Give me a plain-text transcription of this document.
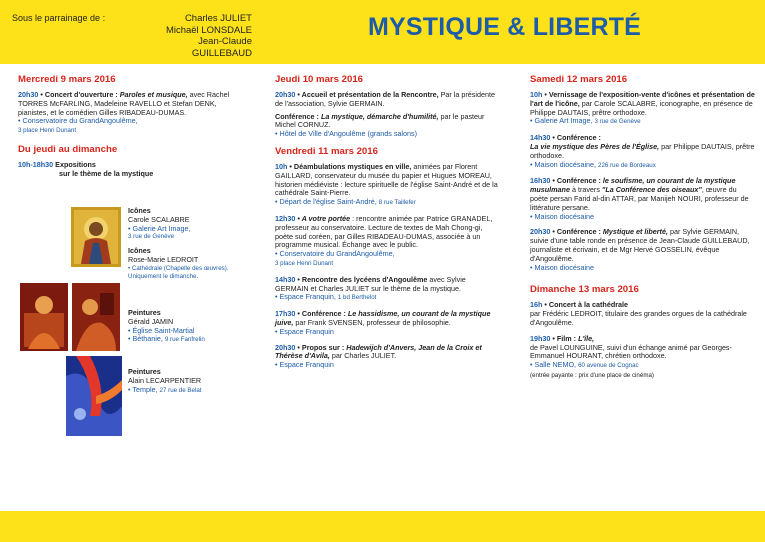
Sous le parrainage de :	Charles JULIET
Michaël LONSDALE
Jean-Claude GUILLEBAUD
MYSTIQUE & LIBERTÉ
Mercredi 9 mars 2016
20h30 • Concert d'ouverture : Paroles et musique, avec Rachel TORRES McFARLING, Madeleine RAVELLO et Stefan DENK, pianistes, et le comédien Gilles RIBADEAU-DUMAS.
• Conservatoire du GrandAngoulême,
3 place Henri Dunant
Du jeudi au dimanche
10h-18h30 Expositions
sur le thème de la mystique
Icônes
Carole SCALABRE
• Galerie Art Image,
3 rue de Genève
Icônes
Rose-Marie LEDROIT
• Cathédrale (Chapelle des œuvres). Uniquement le dimanche.
Peintures
Gérald JAMIN
• Église Saint-Martial
• Béthanie, 9 rue Fanfrelin
Peintures
Alain LECARPENTIER
• Temple, 27 rue de Belat
Jeudi 10 mars 2016
20h30 • Accueil et présentation de la Rencontre, Par la présidente de l'association, Sylvie GERMAIN.
Conférence : La mystique, démarche d'humilité, par le pasteur Michel CORNUZ.
• Hôtel de Ville d'Angoulême (grands salons)
Vendredi 11 mars 2016
10h • Déambulations mystiques en ville, animées par Florent GAILLARD, conservateur du musée du papier et Hugues MOREAU, historien médiéviste : lecture spirituelle de l'église Saint-André et de la cathédrale Saint-Pierre.
• Départ de l'église Saint-André, 8 rue Taillefer
12h30 • A votre portée : rencontre animée par Patrice GRANADEL, professeur au conservatoire. Lecture de textes de Mah Chong-gi, poète sud coréen, par Gilles RIBADEAU-DUMAS, associée à un programme musical. Échange avec le public.
• Conservatoire du GrandAngoulême,
3 place Henri Dunant
14h30 • Rencontre des lycéens d'Angoulême avec Sylvie GERMAIN et Charles JULIET sur le thème de la mystique.
• Espace Franquin, 1 bd Berthelot
17h30 • Conférence : Le hassidisme, un courant de la mystique juive, par Frank SVENSEN, professeur de philosophie.
• Espace Franquin
20h30 • Propos sur : Hadewijch d'Anvers, Jean de la Croix et Thérèse d'Avila, par Charles JULIET.
• Espace Franquin
Samedi 12 mars 2016
10h • Vernissage de l'exposition-vente d'icônes et présentation de l'art de l'icône, par Carole SCALABRE, iconographe, en présence de Philippe DAUTAIS, prêtre orthodoxe.
• Galerie Art Image, 3 rue de Genève
14h30 • Conférence :
La vie mystique des Pères de l'Église, par Philippe DAUTAIS, prêtre orthodoxe.
• Maison diocésaine, 226 rue de Bordeaux
16h30 • Conférence : le soufisme, un courant de la mystique musulmane à travers "La Conférence des oiseaux", œuvre du poète persan Farid al-din ATTAR, par Manijeh NOURI, professeur de littérature persane.
• Maison diocésaine
20h30 • Conférence : Mystique et liberté, par Sylvie GERMAIN, suivie d'une table ronde en présence de Jean-Claude GUILLEBAUD, journaliste et écrivain, et de Mgr Hervé GOSSELIN, évêque d'Angoulême.
• Maison diocésaine
Dimanche 13 mars 2016
16h • Concert à la cathédrale
par Frédéric LEDROIT, titulaire des grandes orgues de la cathédrale d'Angoulême.
19h30 • Film : L'île,
de Pavel LOUNGUINE, suivi d'un échange animé par Georges-Emmanuel HOURANT, chrétien orthodoxe.
• Salle NEMO, 60 avenue de Cognac
(entrée payante : prix d'une place de cinéma)
